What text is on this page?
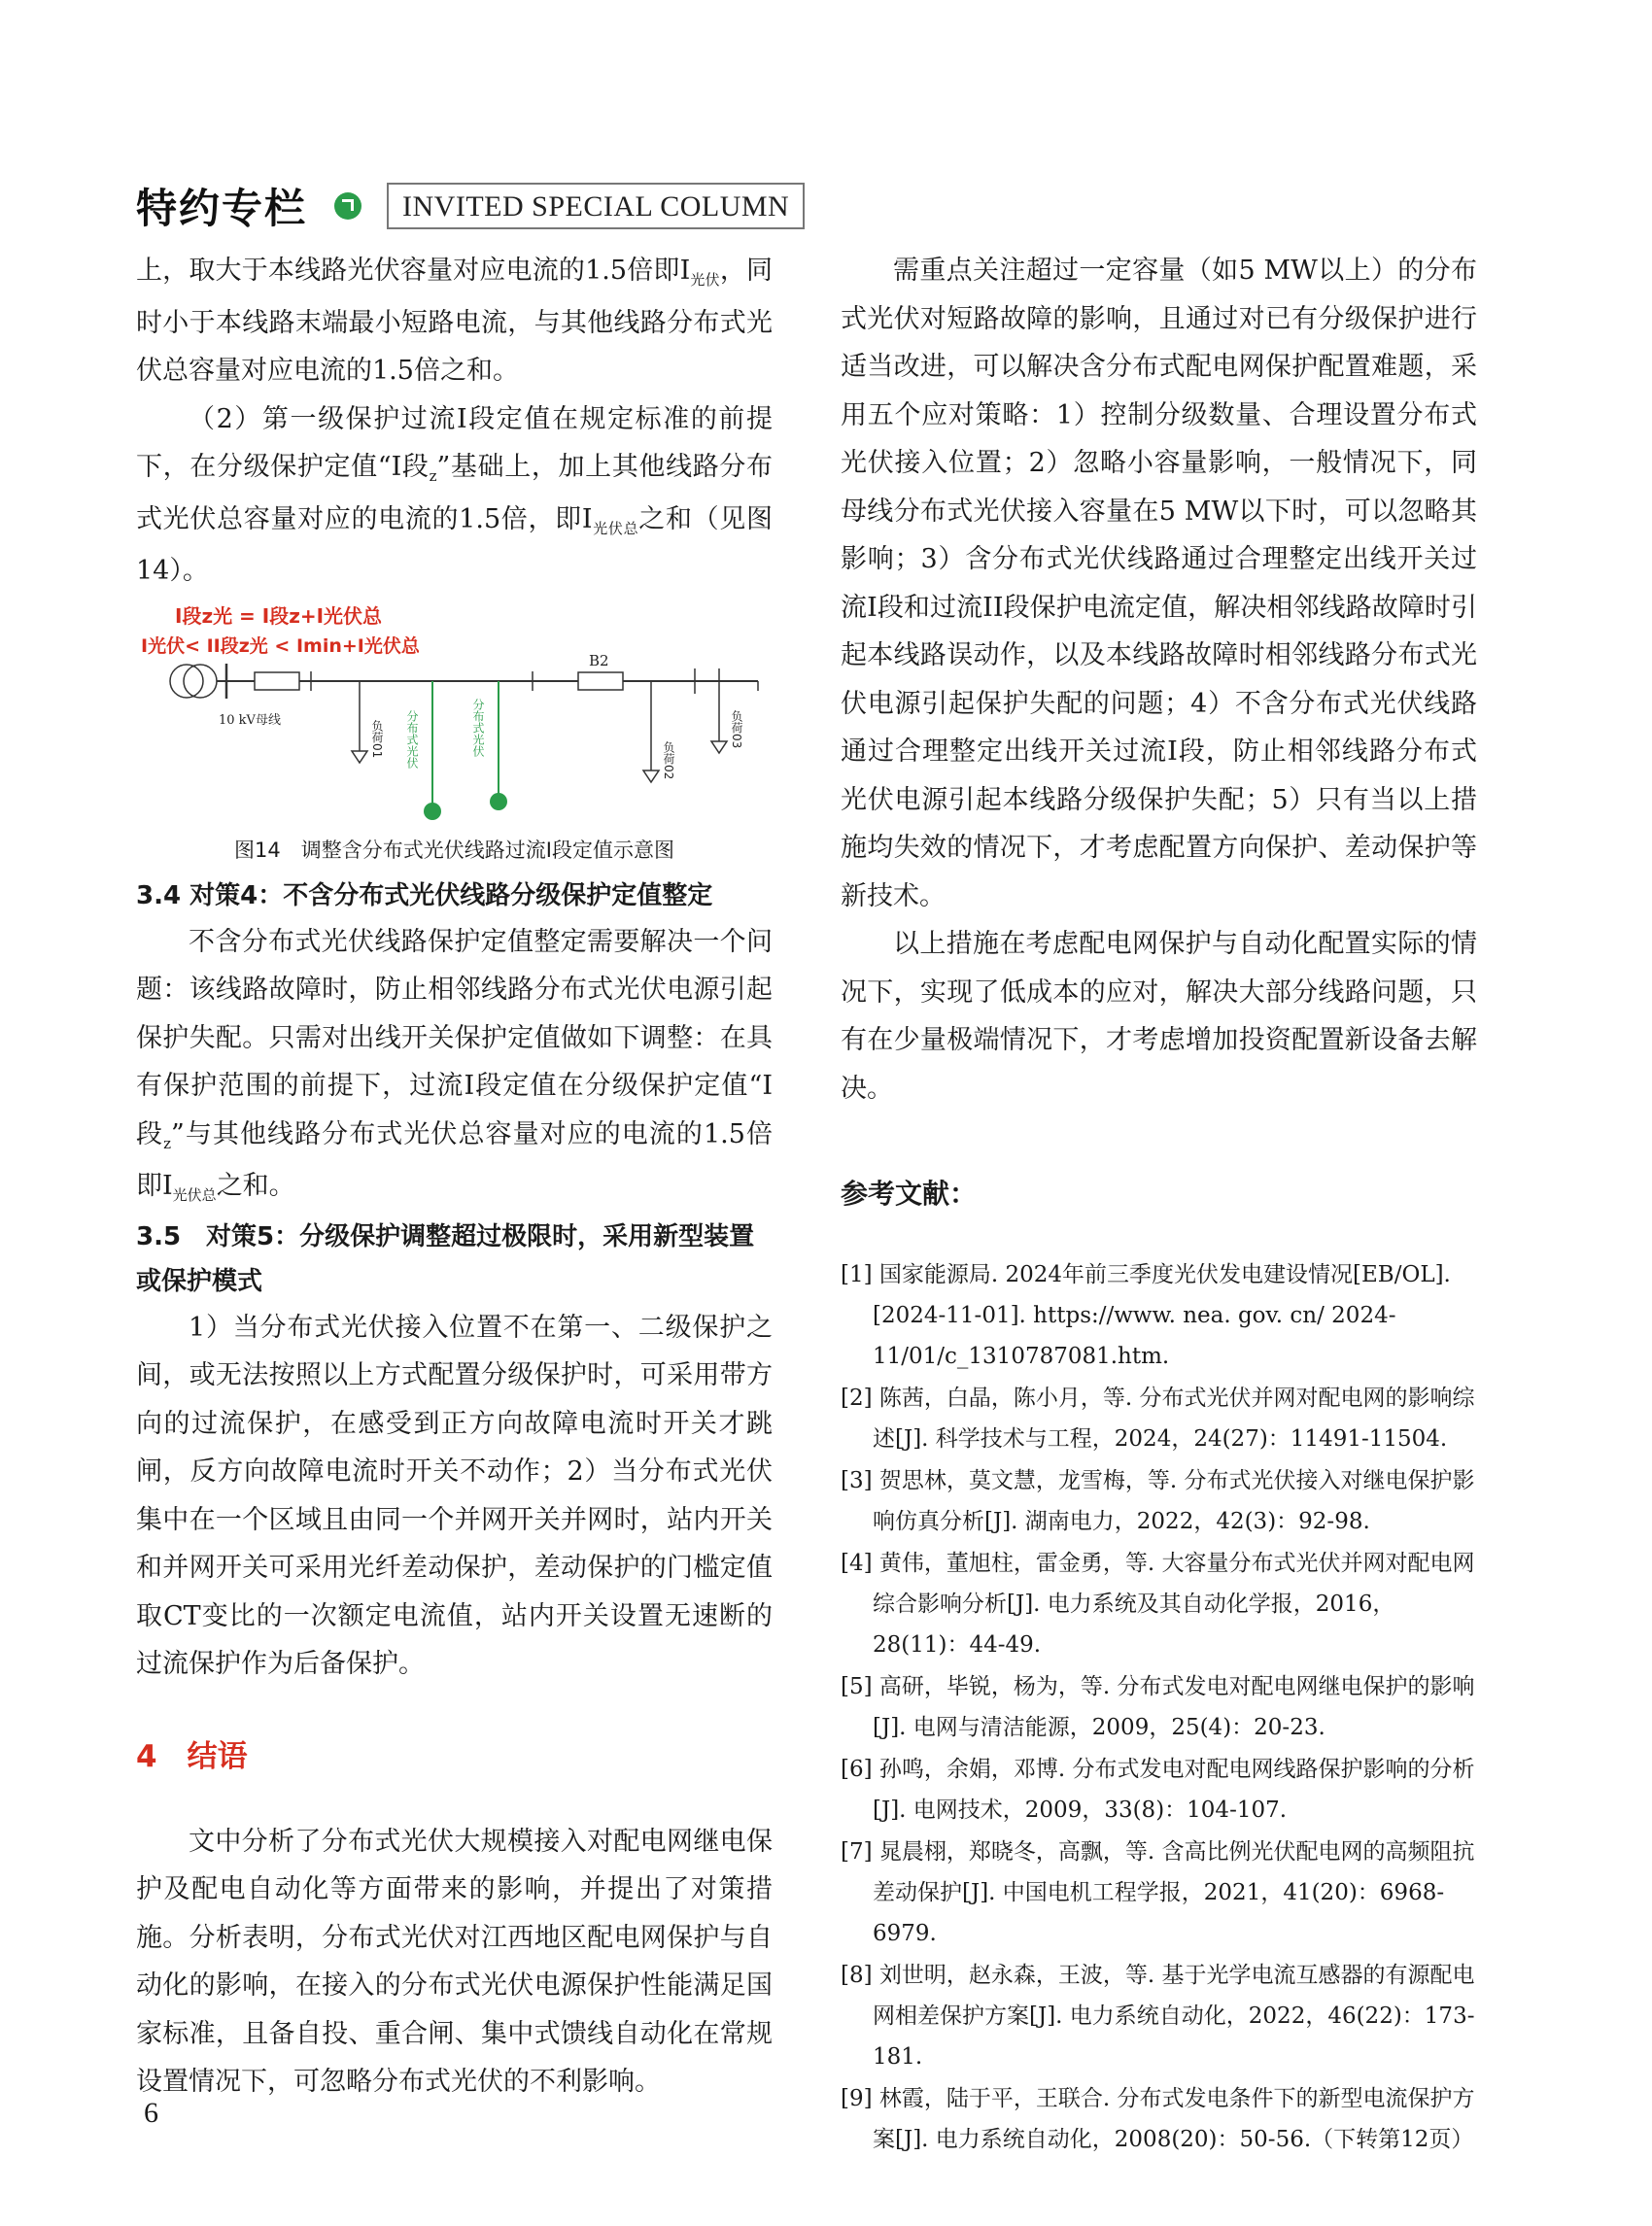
特约专栏	INVITED SPECIAL COLUMN

上，取大于本线路光伏容量对应电流的1.5倍即$I_{光伏}$，同时小于本线路末端最小短路电流，与其他线路分布式光伏总容量对应电流的1.5倍之和。

（2）第一级保护过流I段定值在规定标准的前提下，在分级保护定值“I段$_z$”基础上，加上其他线路分布式光伏总容量对应的电流的1.5倍，即$I_{光伏总}$之和（见图14）。

I段z光 = I段z+I光伏总
I光伏< II段z光 < Imin+I光伏总
10 kV母线
B2
负荷01 分布式光伏	分布式光伏
负荷02
负荷03

图14　调整含分布式光伏线路过流I段定值示意图

3.4 对策4：不含分布式光伏线路分级保护定值整定

不含分布式光伏线路保护定值整定需要解决一个问题：该线路故障时，防止相邻线路分布式光伏电源引起保护失配。只需对出线开关保护定值做如下调整：在具有保护范围的前提下，过流I段定值在分级保护定值“I段$_z$”与其他线路分布式光伏总容量对应的电流的1.5倍即$I_{光伏总}$之和。

3.5　对策5：分级保护调整超过极限时，采用新型装置或保护模式

1）当分布式光伏接入位置不在第一、二级保护之间，或无法按照以上方式配置分级保护时，可采用带方向的过流保护，在感受到正方向故障电流时开关才跳闸，反方向故障电流时开关不动作；2）当分布式光伏集中在一个区域且由同一个并网开关并网时，站内开关和并网开关可采用光纤差动保护，差动保护的门槛定值取CT变比的一次额定电流值，站内开关设置无速断的过流保护作为后备保护。

4　结语

文中分析了分布式光伏大规模接入对配电网继电保护及配电自动化等方面带来的影响，并提出了对策措施。分析表明，分布式光伏对江西地区配电网保护与自动化的影响，在接入的分布式光伏电源保护性能满足国家标准，且备自投、重合闸、集中式馈线自动化在常规设置情况下，可忽略分布式光伏的不利影响。

需重点关注超过一定容量（如5 MW以上）的分布式光伏对短路故障的影响，且通过对已有分级保护进行适当改进，可以解决含分布式配电网保护配置难题，采用五个应对策略：1）控制分级数量、合理设置分布式光伏接入位置；2）忽略小容量影响，一般情况下，同母线分布式光伏接入容量在5 MW以下时，可以忽略其影响；3）含分布式光伏线路通过合理整定出线开关过流I段和过流II段保护电流定值，解决相邻线路故障时引起本线路误动作，以及本线路故障时相邻线路分布式光伏电源引起保护失配的问题；4）不含分布式光伏线路通过合理整定出线开关过流I段，防止相邻线路分布式光伏电源引起本线路分级保护失配；5）只有当以上措施均失效的情况下，才考虑配置方向保护、差动保护等新技术。

以上措施在考虑配电网保护与自动化配置实际的情况下，实现了低成本的应对，解决大部分线路问题，只有在少量极端情况下，才考虑增加投资配置新设备去解决。

参考文献：

[1] 国家能源局. 2024年前三季度光伏发电建设情况[EB/OL]. [2024-11-01]. https://www. nea. gov. cn/ 2024-11/01/c_1310787081.htm.

[2] 陈茜，白晶，陈小月，等. 分布式光伏并网对配电网的影响综述[J]. 科学技术与工程，2024，24(27)：11491-11504.

[3] 贺思林，莫文慧，龙雪梅，等. 分布式光伏接入对继电保护影响仿真分析[J]. 湖南电力，2022，42(3)：92-98.

[4] 黄伟，董旭柱，雷金勇，等. 大容量分布式光伏并网对配电网综合影响分析[J]. 电力系统及其自动化学报，2016，28(11)：44-49.

[5] 高研，毕锐，杨为，等. 分布式发电对配电网继电保护的影响[J]. 电网与清洁能源，2009，25(4)：20-23.

[6] 孙鸣，余娟，邓博. 分布式发电对配电网线路保护影响的分析[J]. 电网技术，2009，33(8)：104-107.

[7] 晁晨栩，郑晓冬，高飘，等. 含高比例光伏配电网的高频阻抗差动保护[J]. 中国电机工程学报，2021，41(20)：6968-6979.

[8] 刘世明，赵永森，王波，等. 基于光学电流互感器的有源配电网相差保护方案[J]. 电力系统自动化，2022，46(22)：173-181.

[9] 林霞，陆于平，王联合. 分布式发电条件下的新型电流保护方案[J]. 电力系统自动化，2008(20)：50-56.（下转第12页）

6
